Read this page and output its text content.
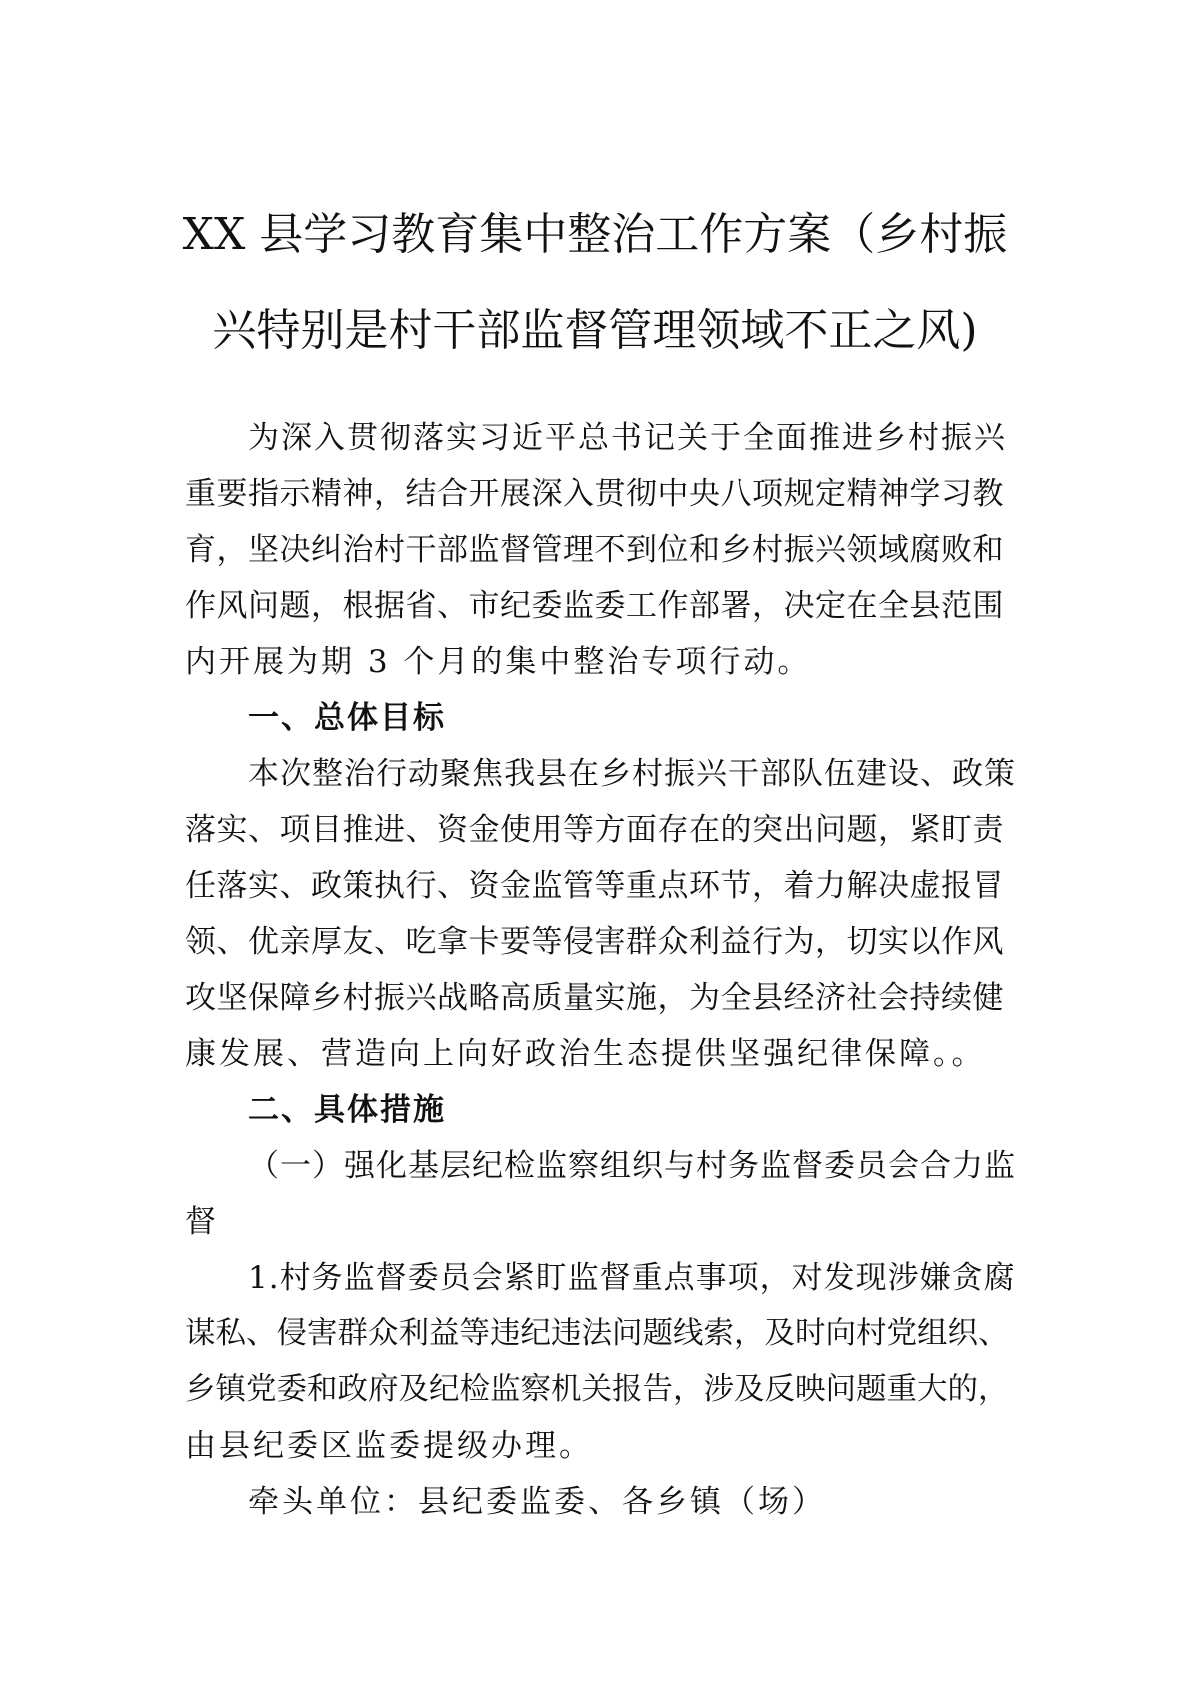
XX 县学习教育集中整治工作方案（乡村振
兴特别是村干部监督管理领域不正之风)
为深入贯彻落实习近平总书记关于全面推进乡村振兴
重要指示精神，结合开展深入贯彻中央八项规定精神学习教
育，坚决纠治村干部监督管理不到位和乡村振兴领域腐败和
作风问题，根据省、市纪委监委工作部署，决定在全县范围
内开展为期 3 个月的集中整治专项行动。
一、总体目标
本次整治行动聚焦我县在乡村振兴干部队伍建设、政策
落实、项目推进、资金使用等方面存在的突出问题，紧盯责
任落实、政策执行、资金监管等重点环节，着力解决虚报冒
领、优亲厚友、吃拿卡要等侵害群众利益行为，切实以作风
攻坚保障乡村振兴战略高质量实施，为全县经济社会持续健
康发展、营造向上向好政治生态提供坚强纪律保障。。
二、具体措施
（一）强化基层纪检监察组织与村务监督委员会合力监
督
1.村务监督委员会紧盯监督重点事项，对发现涉嫌贪腐
谋私、侵害群众利益等违纪违法问题线索，及时向村党组织、
乡镇党委和政府及纪检监察机关报告，涉及反映问题重大的，
由县纪委区监委提级办理。
牵头单位：县纪委监委、各乡镇（场）
